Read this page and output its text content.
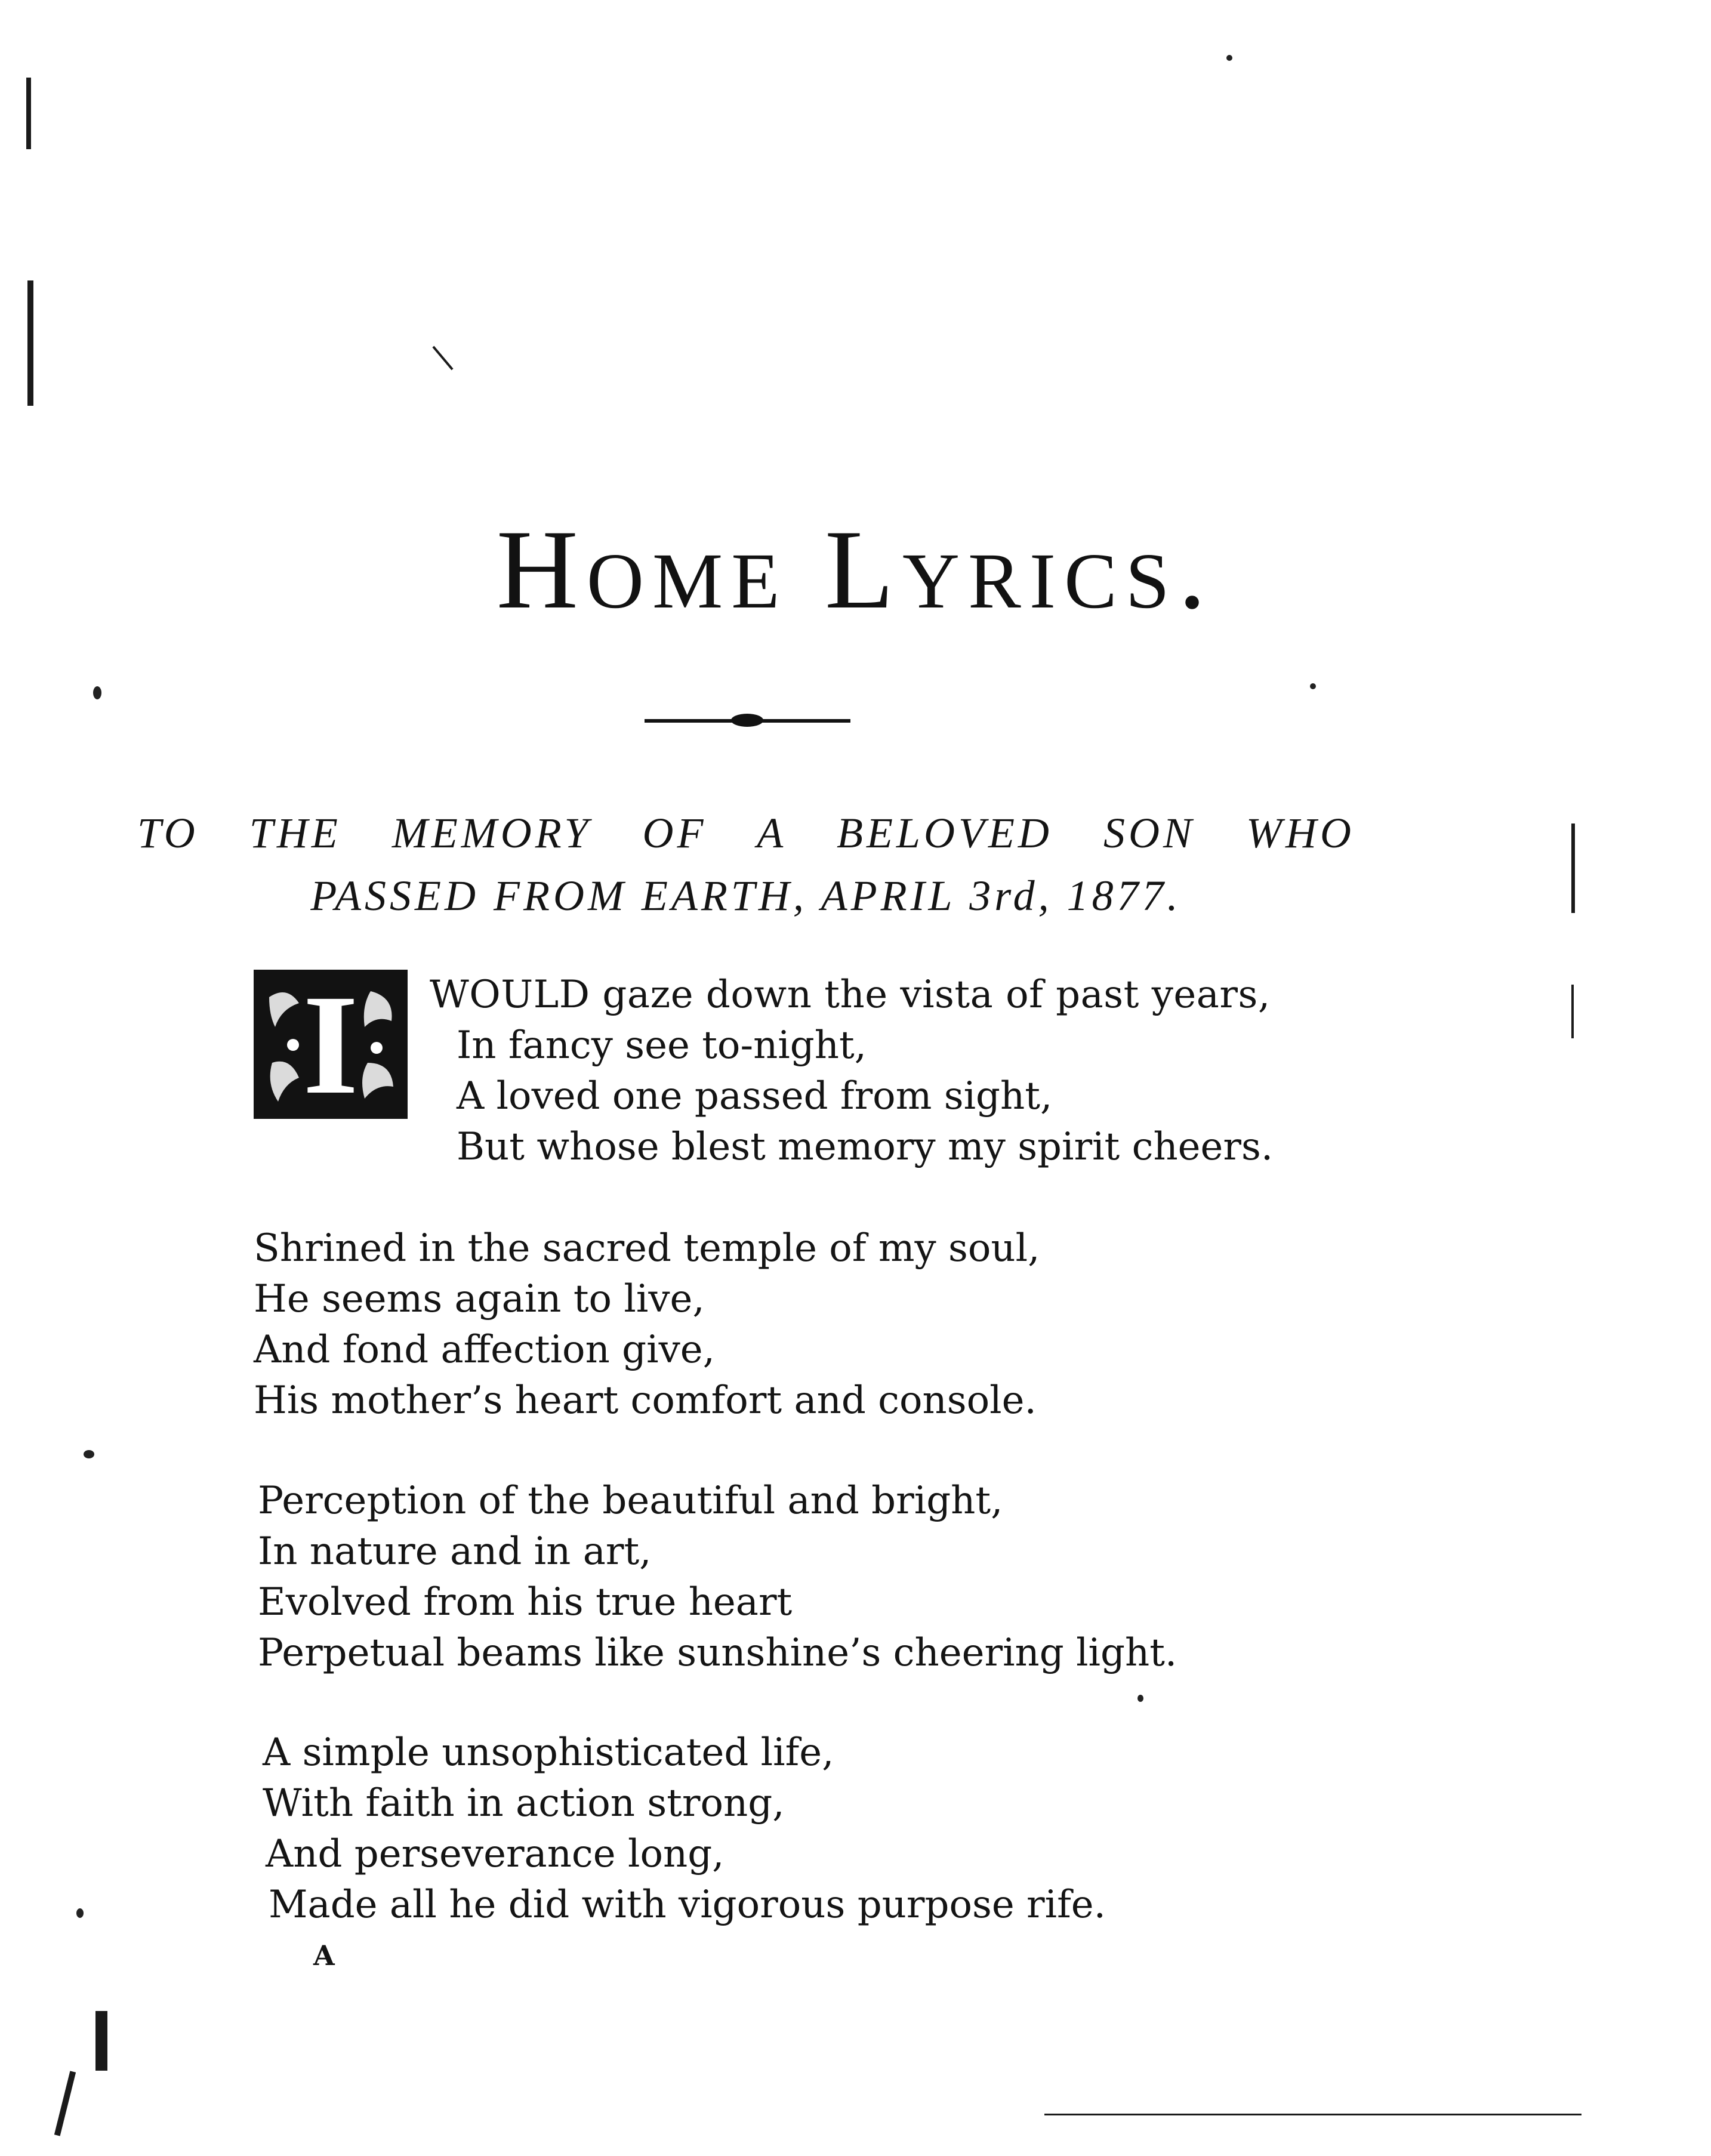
Home Lyrics.
TO THE MEMORY OF A BELOVED SON WHO
PASSED FROM EARTH, APRIL 3rd, 1877.
I WOULD gaze down the vista of past years,
In fancy see to-night,
A loved one passed from sight,
But whose blest memory my spirit cheers.
Shrined in the sacred temple of my soul,
He seems again to live,
And fond affection give,
His mother’s heart comfort and console.
Perception of the beautiful and bright,
In nature and in art,
Evolved from his true heart
Perpetual beams like sunshine’s cheering light.
A simple unsophisticated life,
With faith in action strong,
And perseverance long,
Made all he did with vigorous purpose rife.
A
